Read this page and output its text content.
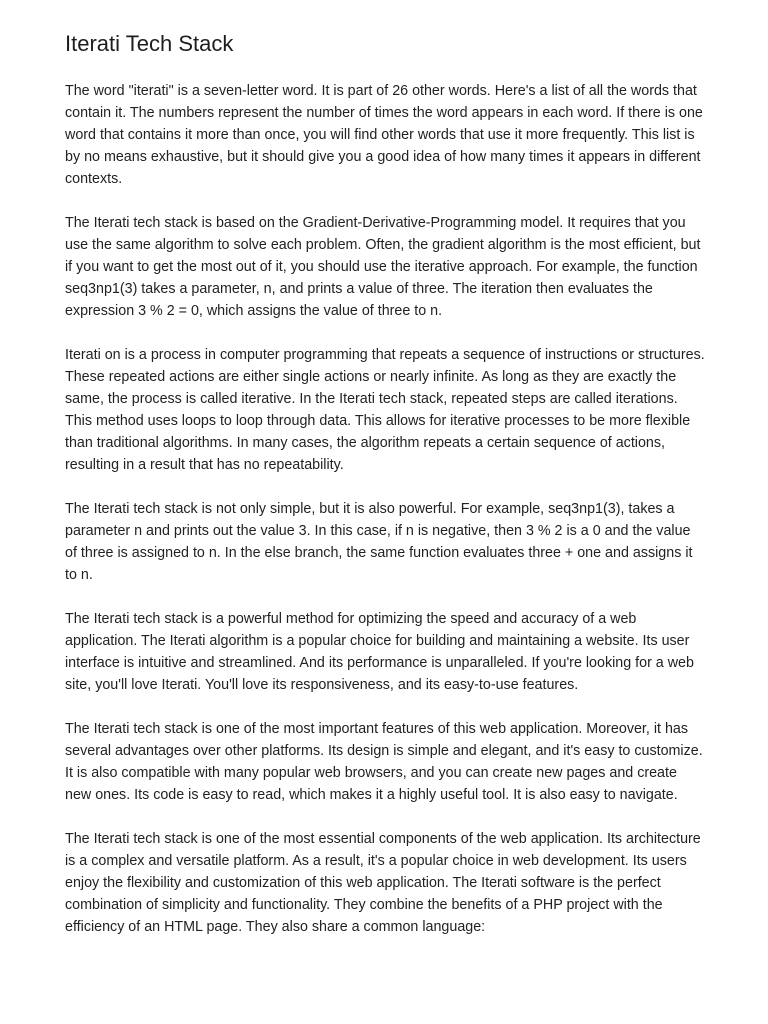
Iterati Tech Stack

The word "iterati" is a seven-letter word. It is part of 26 other words. Here's a list of all the words that contain it. The numbers represent the number of times the word appears in each word. If there is one word that contains it more than once, you will find other words that use it more frequently. This list is by no means exhaustive, but it should give you a good idea of how many times it appears in different contexts.

The Iterati tech stack is based on the Gradient-Derivative-Programming model. It requires that you use the same algorithm to solve each problem. Often, the gradient algorithm is the most efficient, but if you want to get the most out of it, you should use the iterative approach. For example, the function seq3np1(3) takes a parameter, n, and prints a value of three. The iteration then evaluates the expression 3 % 2 = 0, which assigns the value of three to n.

Iterati on is a process in computer programming that repeats a sequence of instructions or structures. These repeated actions are either single actions or nearly infinite. As long as they are exactly the same, the process is called iterative. In the Iterati tech stack, repeated steps are called iterations. This method uses loops to loop through data. This allows for iterative processes to be more flexible than traditional algorithms. In many cases, the algorithm repeats a certain sequence of actions, resulting in a result that has no repeatability.

The Iterati tech stack is not only simple, but it is also powerful. For example, seq3np1(3), takes a parameter n and prints out the value 3. In this case, if n is negative, then 3 % 2 is a 0 and the value of three is assigned to n. In the else branch, the same function evaluates three + one and assigns it to n.

The Iterati tech stack is a powerful method for optimizing the speed and accuracy of a web application. The Iterati algorithm is a popular choice for building and maintaining a website. Its user interface is intuitive and streamlined. And its performance is unparalleled. If you're looking for a web site, you'll love Iterati. You'll love its responsiveness, and its easy-to-use features.

The Iterati tech stack is one of the most important features of this web application. Moreover, it has several advantages over other platforms. Its design is simple and elegant, and it's easy to customize. It is also compatible with many popular web browsers, and you can create new pages and create new ones. Its code is easy to read, which makes it a highly useful tool. It is also easy to navigate.

The Iterati tech stack is one of the most essential components of the web application. Its architecture is a complex and versatile platform. As a result, it's a popular choice in web development. Its users enjoy the flexibility and customization of this web application. The Iterati software is the perfect combination of simplicity and functionality. They combine the benefits of a PHP project with the efficiency of an HTML page. They also share a common language:
